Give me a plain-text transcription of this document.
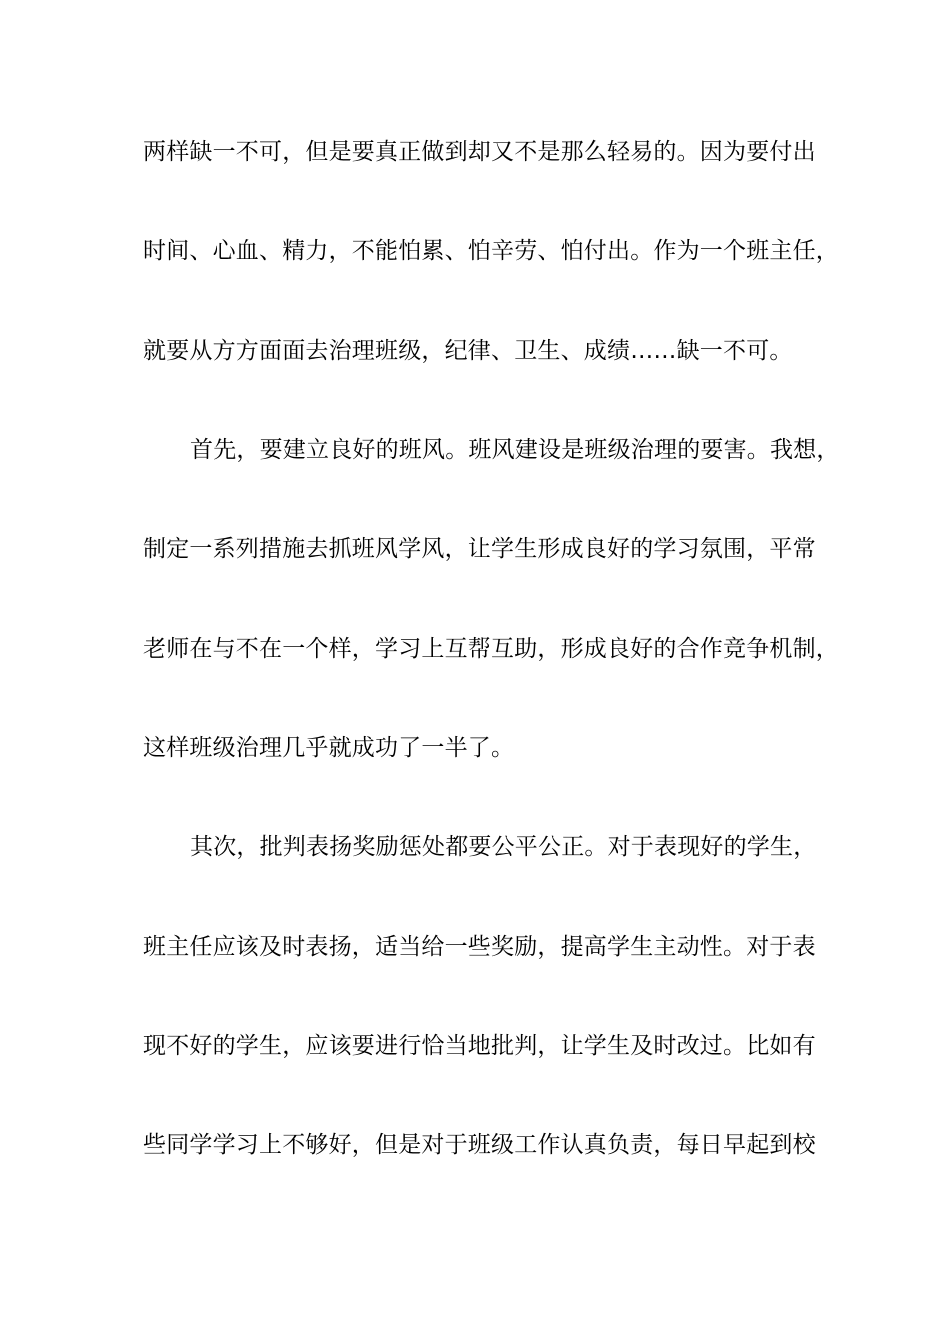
两样缺一不可，但是要真正做到却又不是那么轻易的。因为要付出
时间、心血、精力，不能怕累、怕辛劳、怕付出。作为一个班主任，
就要从方方面面去治理班级，纪律、卫生、成绩……缺一不可。
首先，要建立良好的班风。班风建设是班级治理的要害。我想，
制定一系列措施去抓班风学风，让学生形成良好的学习氛围，平常
老师在与不在一个样，学习上互帮互助，形成良好的合作竞争机制，
这样班级治理几乎就成功了一半了。
其次，批判表扬奖励惩处都要公平公正。对于表现好的学生，
班主任应该及时表扬，适当给一些奖励，提高学生主动性。对于表
现不好的学生，应该要进行恰当地批判，让学生及时改过。比如有
些同学学习上不够好，但是对于班级工作认真负责，每日早起到校
